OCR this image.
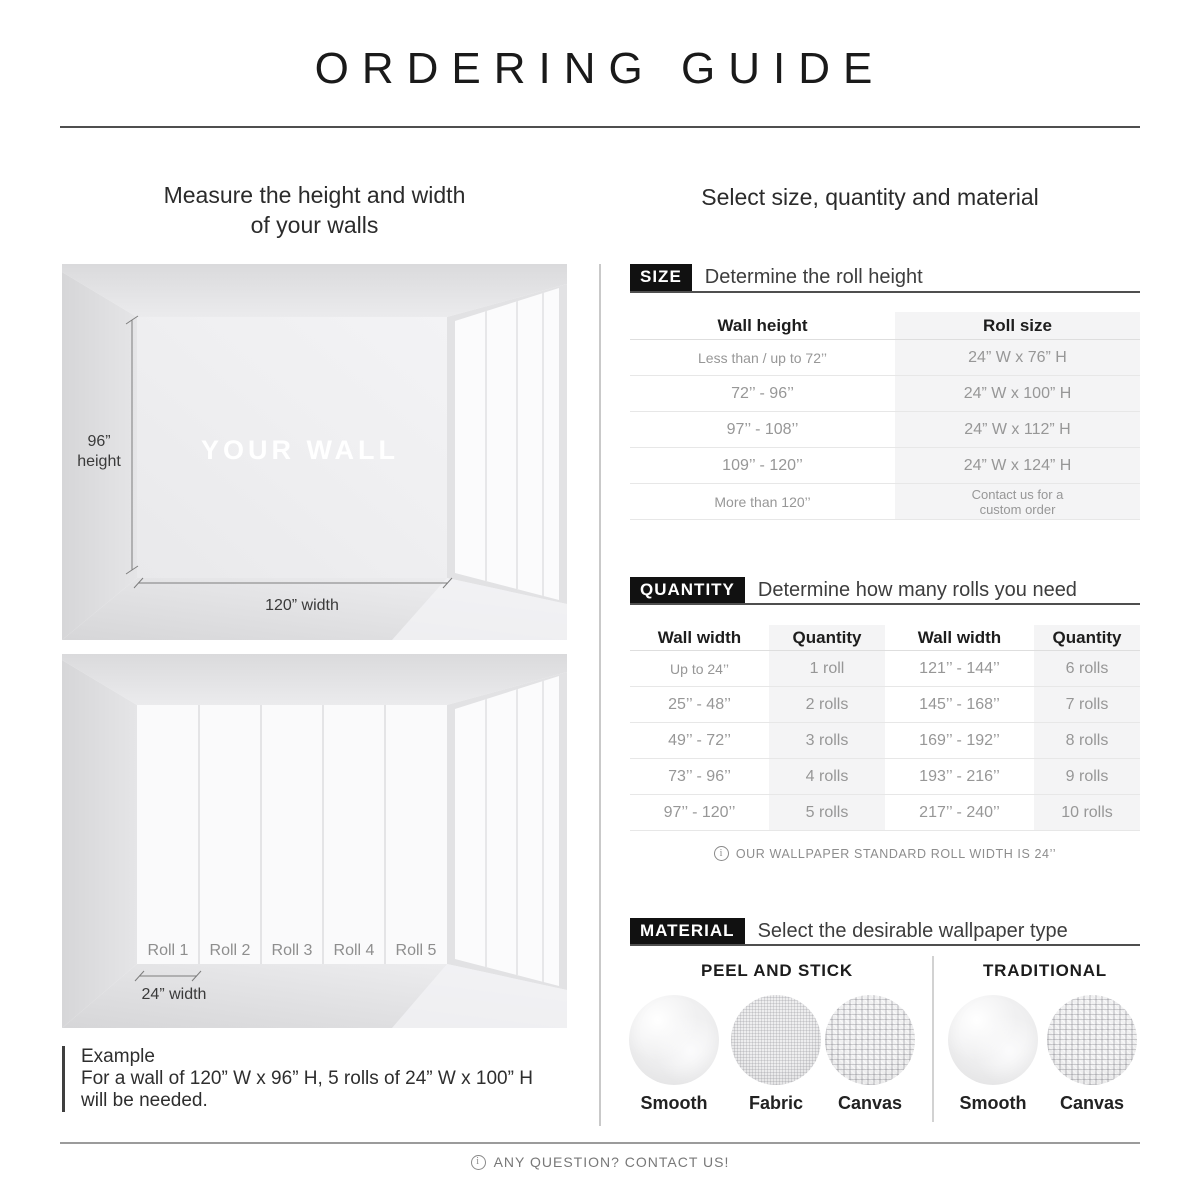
ORDERING GUIDE
Measure the height and width
of your walls
96”
height	YOUR WALL
120” width
Roll 1 Roll 2 Roll 3 Roll 4 Roll 5
24” width
Example
For a wall of 120” W x 96” H, 5 rolls of 24” W x 100” H
will be needed.
Select size, quantity and material
SIZE	Determine the roll height
Wall height	Roll size
Less than / up to 72’’	24” W x 76” H
72’’ - 96’’	24” W x 100” H
97’’ - 108’’	24” W x 112” H
109’’ - 120’’	24” W x 124” H
More than 120’’	Contact us for a custom order
QUANTITY	Determine how many rolls you need
Wall width	Quantity	Wall width	Quantity
Up to 24’’	1 roll	121’’ - 144’’	6 rolls
25’’ - 48’’	2 rolls	145’’ - 168’’	7 rolls
49’’ - 72’’	3 rolls	169’’ - 192’’	8 rolls
73’’ - 96’’	4 rolls	193’’ - 216’’	9 rolls
97’’ - 120’’	5 rolls	217’’ - 240’’	10 rolls
i
OUR WALLPAPER STANDARD ROLL WIDTH IS 24’’
MATERIAL	Select the desirable wallpaper type
PEEL AND STICK	TRADITIONAL
Smooth	Fabric	Canvas	Smooth	Canvas
i
ANY QUESTION? CONTACT US!
